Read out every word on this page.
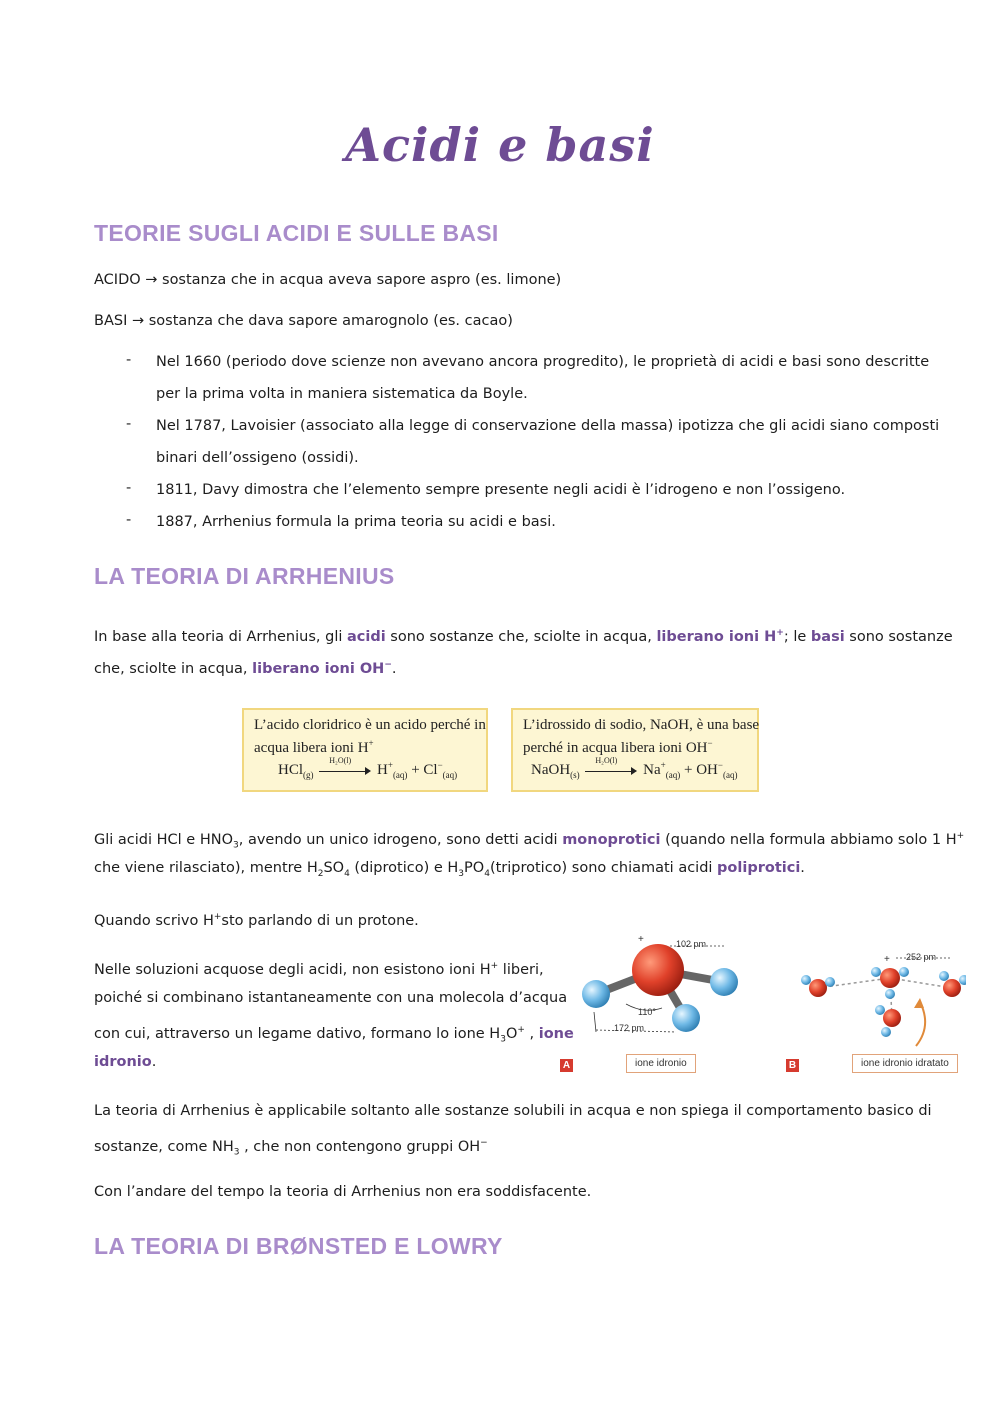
Acidi e basi
TEORIE SUGLI ACIDI E SULLE BASI
ACIDO → sostanza che in acqua aveva sapore aspro (es. limone)
BASI → sostanza che dava sapore amarognolo (es. cacao)
- Nel 1660 (periodo dove scienze non avevano ancora progredito), le proprietà di acidi e basi sono descritte
per la prima volta in maniera sistematica da Boyle.
- Nel 1787, Lavoisier (associato alla legge di conservazione della massa) ipotizza che gli acidi siano composti
binari dell’ossigeno (ossidi).
- 1811, Davy dimostra che l’elemento sempre presente negli acidi è l’idrogeno e non l’ossigeno.
- 1887, Arrhenius formula la prima teoria su acidi e basi.
LA TEORIA DI ARRHENIUS
In base alla teoria di Arrhenius, gli acidi sono sostanze che, sciolte in acqua, liberano ioni H+; le basi sono sostanze
che, sciolte in acqua, liberano ioni OH−.
L’acido cloridrico è un acido perché in
acqua libera ioni H+
HCl$_{(g)}$
H₂O(l)
$H^+_{(aq)} + Cl^-_{(aq)}$
L’idrossido di sodio, NaOH, è una base
perché in acqua libera ioni OH−
NaOH$_{(s)}$
H₂O(l)
$Na^+_{(aq)} + OH^-_{(aq)}$
Gli acidi HCl e $HNO_3$, avendo un unico idrogeno, sono detti acidi monoprotici (quando nella formula abbiamo solo 1 H+
che viene rilasciato), mentre $H_2SO_4$ (diprotico) e $H_3PO_4(triprotico)$ sono chiamati acidi poliprotici.
Quando scrivo H+sto parlando di un protone.
Nelle soluzioni acquose degli acidi, non esistono ioni H+ liberi,
poiché si combinano istantaneamente con una molecola d’acqua
con cui, attraverso un legame dativo, formano lo ione $H_3O^+$ , ione
idronio.
+
+
102 pm
172 pm
110°
252 pm
A	ione idronio	B	ione idronio idratato
La teoria di Arrhenius è applicabile soltanto alle sostanze solubili in acqua e non spiega il comportamento basico di
sostanze, come $NH_3$ , che non contengono gruppi OH−
Con l’andare del tempo la teoria di Arrhenius non era soddisfacente.
LA TEORIA DI BRØNSTED E LOWRY
